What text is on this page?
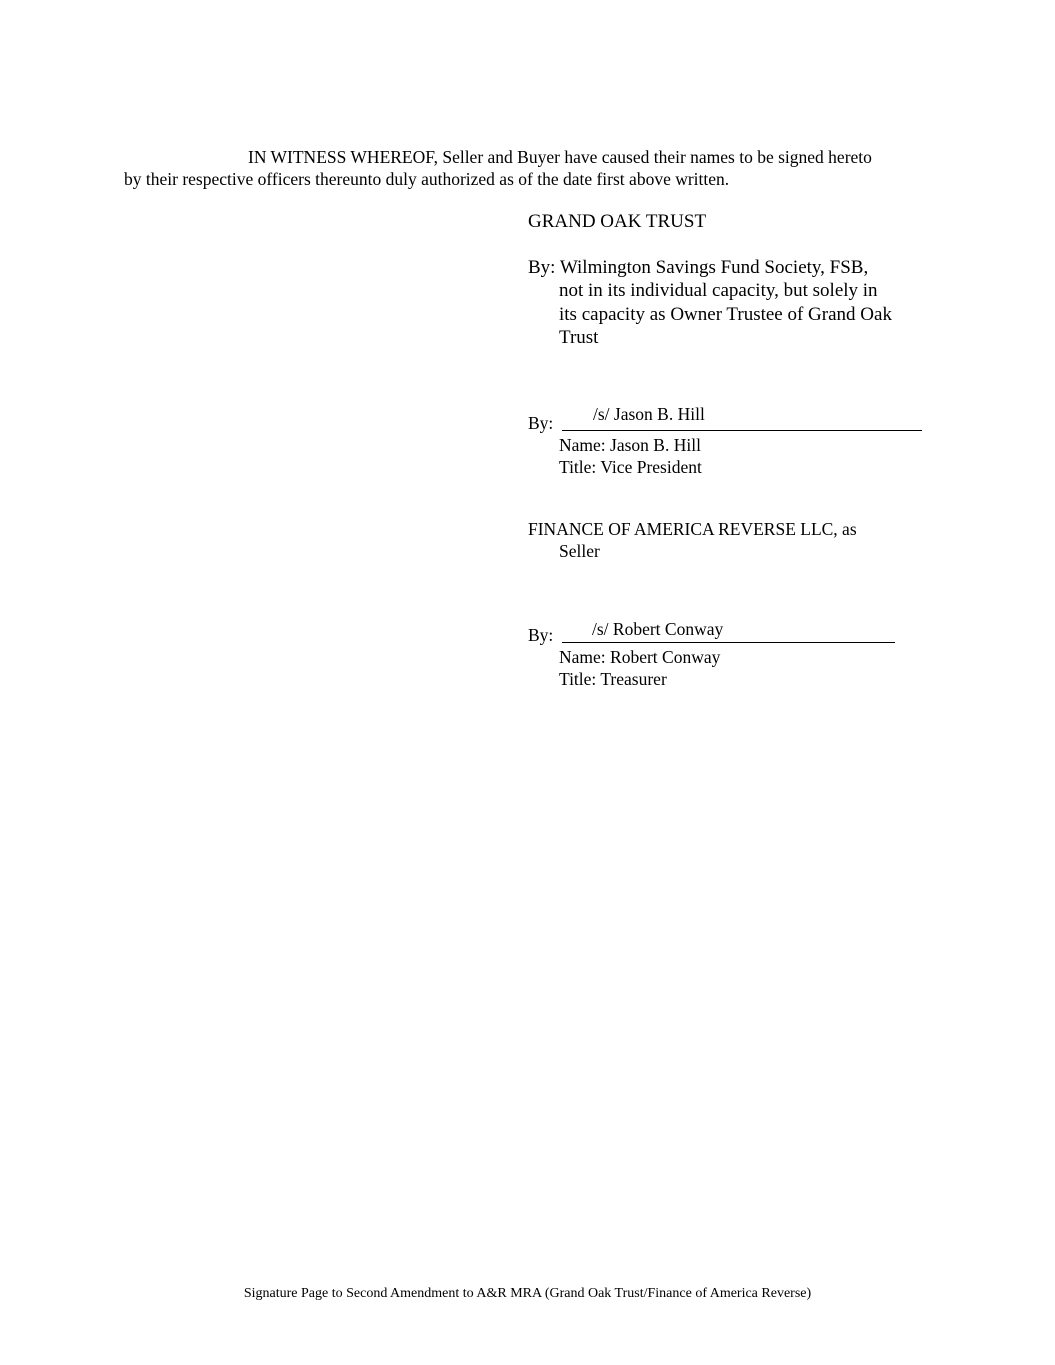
IN WITNESS WHEREOF, Seller and Buyer have caused their names to be signed hereto
by their respective officers thereunto duly authorized as of the date first above written.
GRAND OAK TRUST
By: Wilmington Savings Fund Society, FSB,
not in its individual capacity, but solely in
its capacity as Owner Trustee of Grand Oak
Trust
By: /s/ Jason B. Hill
Name: Jason B. Hill
Title: Vice President
FINANCE OF AMERICA REVERSE LLC, as
Seller
By: /s/ Robert Conway
Name: Robert Conway
Title: Treasurer
Signature Page to Second Amendment to A&R MRA (Grand Oak Trust/Finance of America Reverse)
